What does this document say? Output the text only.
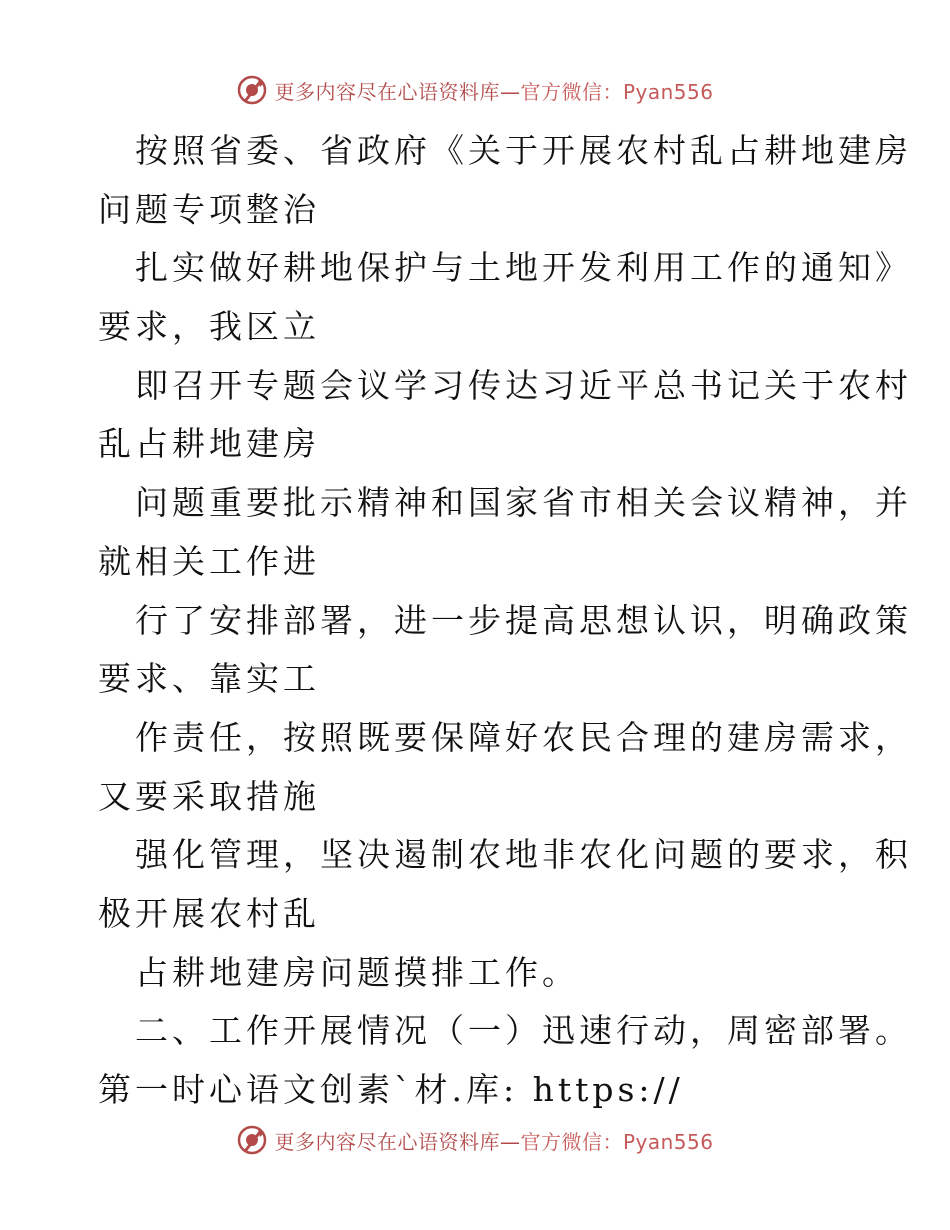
更多内容尽在心语资料库—官方微信：Pyan556
按照省委、省政府《关于开展农村乱占耕地建房
问题专项整治
扎实做好耕地保护与土地开发利用工作的通知》
要求，我区立
即召开专题会议学习传达习近平总书记关于农村
乱占耕地建房
问题重要批示精神和国家省市相关会议精神，并
就相关工作进
行了安排部署，进一步提高思想认识，明确政策
要求、靠实工
作责任，按照既要保障好农民合理的建房需求，
又要采取措施
强化管理，坚决遏制农地非农化问题的要求，积
极开展农村乱
占耕地建房问题摸排工作。
二、工作开展情况（一）迅速行动，周密部署。
第一时心语文创素`材.库: https://
更多内容尽在心语资料库—官方微信：Pyan556
